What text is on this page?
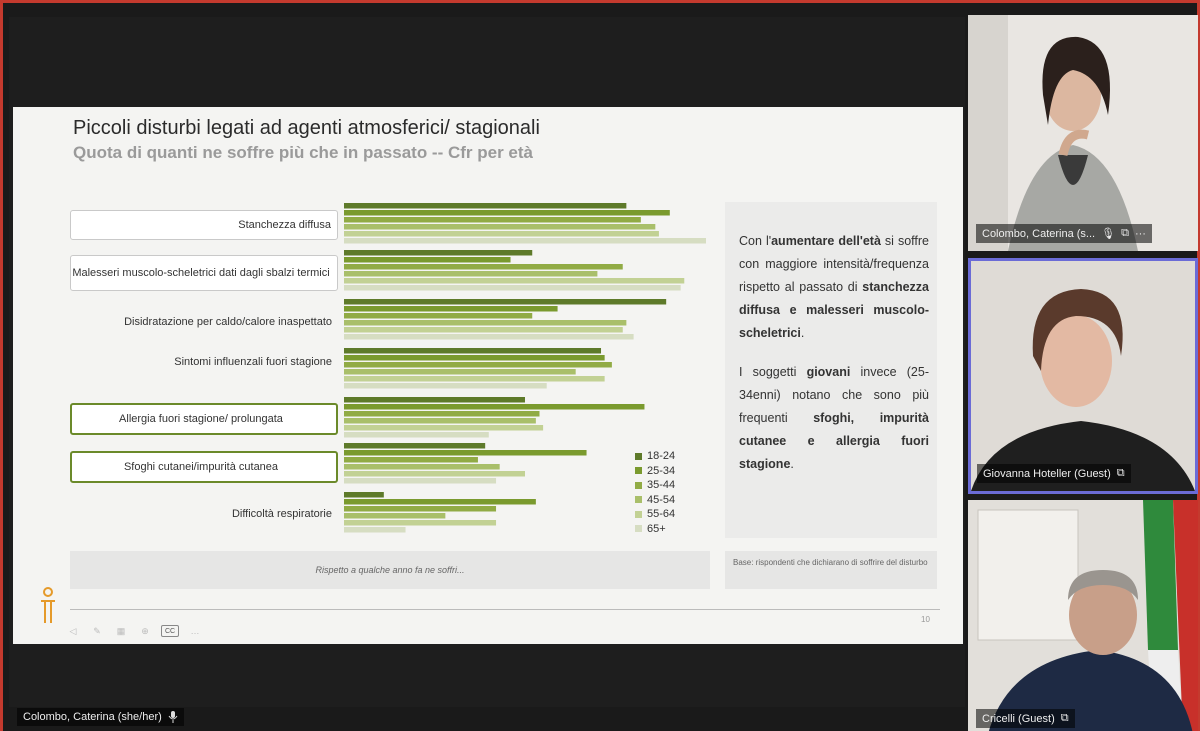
Piccoli disturbi legati ad agenti atmosferici/ stagionali
Quota di quanti ne soffre più che in passato -- Cfr per età
Stanchezza diffusa
Malesseri muscolo-scheletrici dati dagli sbalzi termici
Disidratazione per caldo/calore inaspettato
Sintomi influenzali fuori stagione
Allergia fuori stagione/ prolungata
Sfoghi cutanei/impurità cutanea
Difficoltà respiratorie
18-24
25-34
35-44
45-54
55-64
65+

Con l'aumentare dell'età si soffre con maggiore intensità/frequenza rispetto al passato di stanchezza diffusa e malesseri muscolo-scheletrici.

I soggetti giovani invece (25-34enni) notano che sono più frequenti sfoghi, impurità cutanee e allergia fuori stagione.

Rispetto a qualche anno fa ne soffri...
Base: rispondenti che dichiarano di soffrire del disturbo
10
◁	✎	▦	⊕	CC	…
Colombo, Caterina (she/her)
Colombo, Caterina (s... 🎙 ⧉ ···
Giovanna Hoteller (Guest) ⧉
Cricelli (Guest) ⧉
